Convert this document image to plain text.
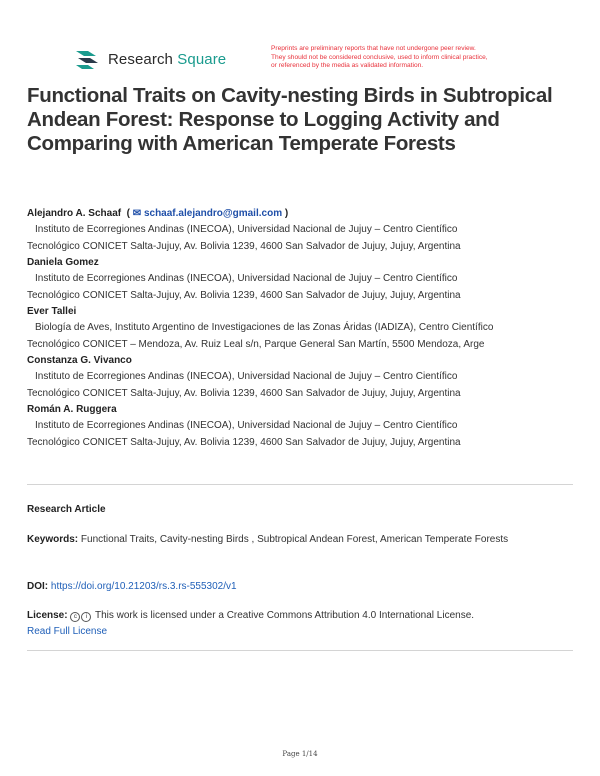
Research Square
Preprints are preliminary reports that have not undergone peer review.
They should not be considered conclusive, used to inform clinical practice,
or referenced by the media as validated information.
Functional Traits on Cavity-nesting Birds in Subtropical Andean Forest: Response to Logging Activity and Comparing with American Temperate Forests
Alejandro A. Schaaf  ( ✉ schaaf.alejandro@gmail.com )
Instituto de Ecorregiones Andinas (INECOA), Universidad Nacional de Jujuy – Centro Científico
Tecnológico CONICET Salta-Jujuy, Av. Bolivia 1239, 4600 San Salvador de Jujuy, Jujuy, Argentina
Daniela Gomez
Instituto de Ecorregiones Andinas (INECOA), Universidad Nacional de Jujuy – Centro Científico
Tecnológico CONICET Salta-Jujuy, Av. Bolivia 1239, 4600 San Salvador de Jujuy, Jujuy, Argentina
Ever Tallei
Biología de Aves, Instituto Argentino de Investigaciones de las Zonas Áridas (IADIZA), Centro Científico
Tecnológico CONICET – Mendoza, Av. Ruiz Leal s/n, Parque General San Martín, 5500 Mendoza, Arge
Constanza G. Vivanco
Instituto de Ecorregiones Andinas (INECOA), Universidad Nacional de Jujuy – Centro Científico
Tecnológico CONICET Salta-Jujuy, Av. Bolivia 1239, 4600 San Salvador de Jujuy, Jujuy, Argentina
Román A. Ruggera
Instituto de Ecorregiones Andinas (INECOA), Universidad Nacional de Jujuy – Centro Científico
Tecnológico CONICET Salta-Jujuy, Av. Bolivia 1239, 4600 San Salvador de Jujuy, Jujuy, Argentina
Research Article
Keywords: Functional Traits, Cavity-nesting Birds , Subtropical Andean Forest, American Temperate Forests
DOI: https://doi.org/10.21203/rs.3.rs-555302/v1
License: c i This work is licensed under a Creative Commons Attribution 4.0 International License.
Read Full License
Page 1/14
